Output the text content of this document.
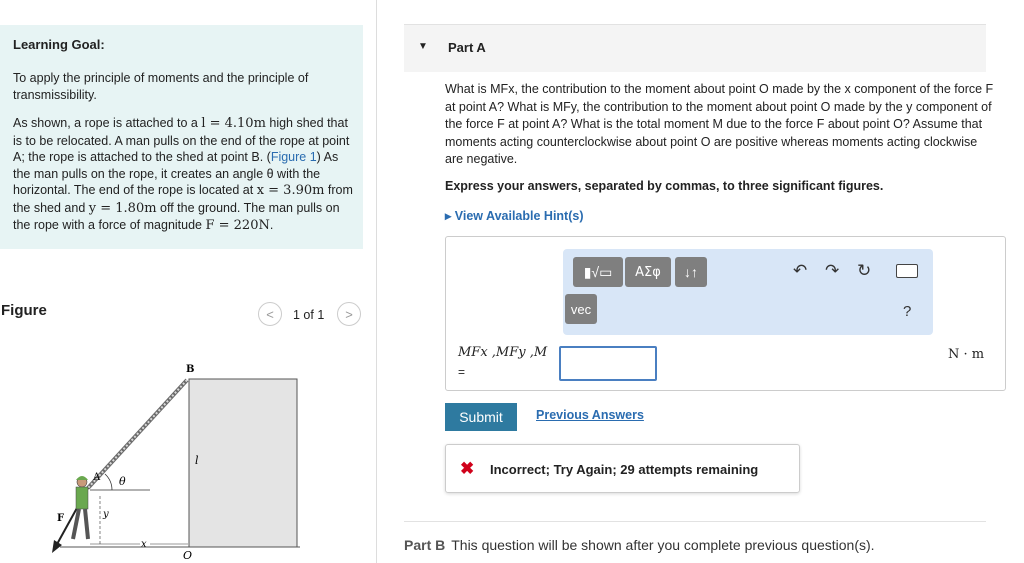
Learning Goal:

To apply the principle of moments and the principle of transmissibility.

As shown, a rope is attached to a l = 4.10m high shed that is to be relocated. A man pulls on the end of the rope at point A; the rope is attached to the shed at point B. (Figure 1) As the man pulls on the rope, it creates an angle θ with the horizontal. The end of the rope is located at x = 3.90m from the shed and y = 1.80m off the ground. The man pulls on the rope with a force of magnitude F = 220N.

Figure	< 1 of 1 >
B
A θ
l
F	y
x
O
▼ Part A
What is MFx, the contribution to the moment about point O made by the x component of the force F at point A? What is MFy, the contribution to the moment about point O made by the y component of the force F at point A? What is the total moment M due to the force F about point O? Assume that moments acting counterclockwise about point O are positive whereas moments acting clockwise are negative.
Express your answers, separated by commas, to three significant figures.
▸ View Available Hint(s)
▮√▭	ΑΣφ	↓↑
vec
↶ ↷ ↻
?
MFx ,MFy ,M
=
N · m
Submit	Previous Answers
✖ Incorrect; Try Again; 29 attempts remaining
Part B This question will be shown after you complete previous question(s).
